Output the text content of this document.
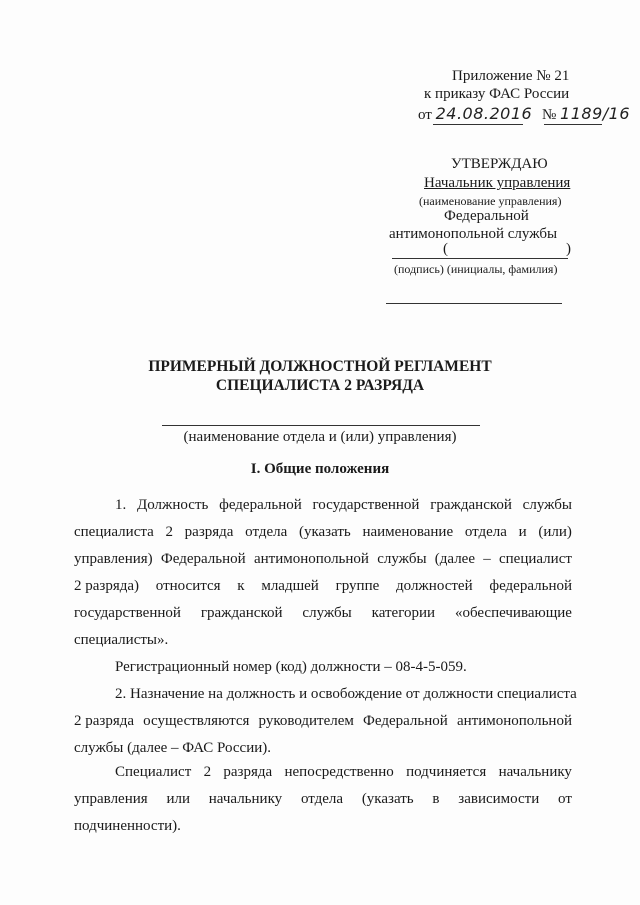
Приложение № 21
к приказу ФАС России
от 24.08.2016 № 1189/16
УТВЕРЖДАЮ
Начальник управления
(наименование управления)
Федеральной
антимонопольной службы
(	)
(подпись) (инициалы, фамилия)
ПРИМЕРНЫЙ ДОЛЖНОСТНОЙ РЕГЛАМЕНТ
СПЕЦИАЛИСТА 2 РАЗРЯДА
(наименование отдела и (или) управления)
I. Общие положения
1. Должность федеральной государственной гражданской службы
специалиста 2 разряда отдела (указать наименование отдела и (или)
управления) Федеральной антимонопольной службы (далее – специалист
2 разряда) относится к младшей группе должностей федеральной
государственной гражданской службы категории «обеспечивающие
специалисты».
Регистрационный номер (код) должности – 08-4-5-059.
2. Назначение на должность и освобождение от должности специалиста
2 разряда осуществляются руководителем Федеральной антимонопольной
службы (далее – ФАС России).
Специалист 2 разряда непосредственно подчиняется начальнику
управления или начальнику отдела (указать в зависимости от
подчиненности).
